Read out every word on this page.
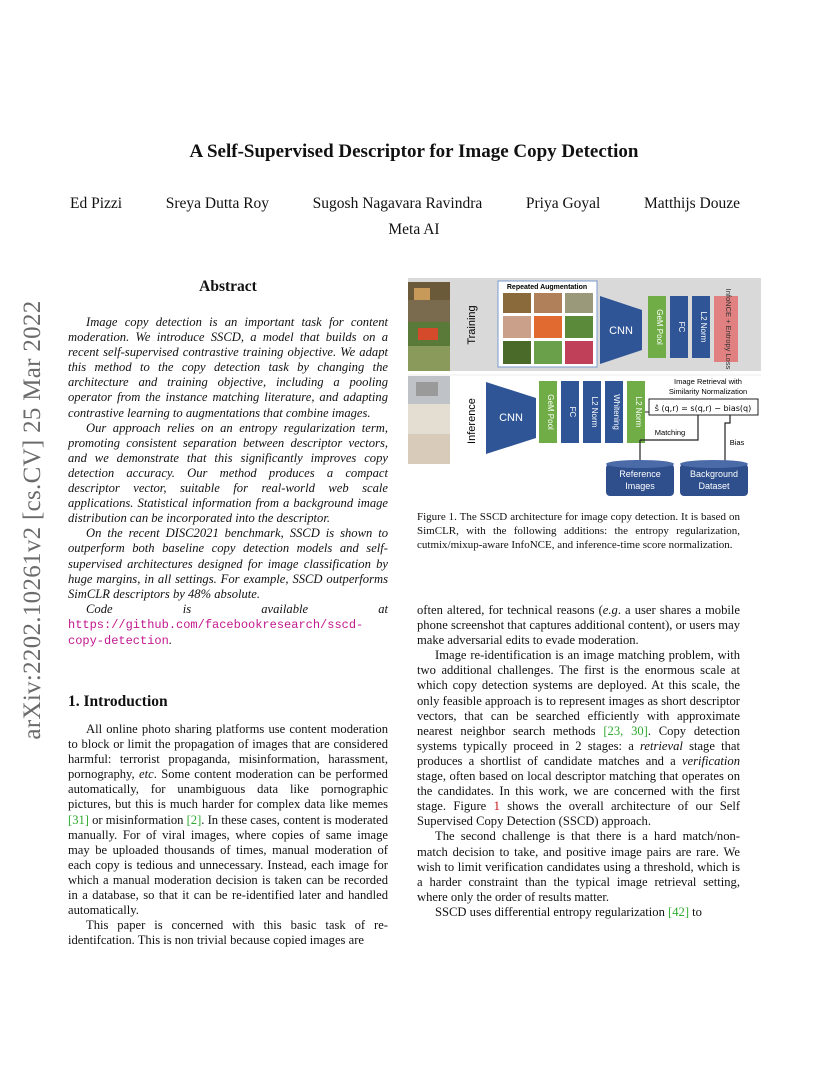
arXiv:2202.10261v2 [cs.CV] 25 Mar 2022
A Self-Supervised Descriptor for Image Copy Detection
Ed Pizzi	Sreya Dutta Roy	Sugosh Nagavara Ravindra	Priya Goyal	Matthijs Douze
Meta AI
Abstract

Image copy detection is an important task for content moderation. We introduce SSCD, a model that builds on a recent self-supervised contrastive training objective. We adapt this method to the copy detection task by changing the architecture and training objective, including a pooling operator from the instance matching literature, and adapting contrastive learning to augmentations that combine images.

Our approach relies on an entropy regularization term, promoting consistent separation between descriptor vectors, and we demonstrate that this significantly improves copy detection accuracy. Our method produces a compact descriptor vector, suitable for real-world web scale applications. Statistical information from a background image distribution can be incorporated into the descriptor.

On the recent DISC2021 benchmark, SSCD is shown to outperform both baseline copy detection models and self-supervised architectures designed for image classification by huge margins, in all settings. For example, SSCD outperforms SimCLR descriptors by 48% absolute.

Code is available at https://github.com/facebookresearch/sscd-copy-detection.

1. Introduction

All online photo sharing platforms use content moderation to block or limit the propagation of images that are considered harmful: terrorist propaganda, misinformation, harassment, pornography, etc. Some content moderation can be performed automatically, for unambiguous data like pornographic pictures, but this is much harder for complex data like memes [31] or misinformation [2]. In these cases, content is moderated manually. For of viral images, where copies of same image may be uploaded thousands of times, manual moderation of each copy is tedious and unnecessary. Instead, each image for which a manual moderation decision is taken can be recorded in a database, so that it can be re-identified later and handled automatically.

This paper is concerned with this basic task of re-identifcation. This is non trivial because copied images are

Training
Repeated Augmentation
CNN	GeM Pool FC L2 Norm InfoNCE + Entropy Loss
Inference CNN	GeM Pool FC L2 Norm Whitening L2 Norm
Image Retrieval with
Similarity Normalization
ŝ (q,r) = s(q,r) − bias(q)
Matching
Bias
Reference
Images
Background
Dataset
Figure 1. The SSCD architecture for image copy detection. It is based on SimCLR, with the following additions: the entropy regularization, cutmix/mixup-aware InfoNCE, and inference-time score normalization.

often altered, for technical reasons (e.g. a user shares a mobile phone screenshot that captures additional content), or users may make adversarial edits to evade moderation.

Image re-identification is an image matching problem, with two additional challenges. The first is the enormous scale at which copy detection systems are deployed. At this scale, the only feasible approach is to represent images as short descriptor vectors, that can be searched efficiently with approximate nearest neighbor search methods [23, 30]. Copy detection systems typically proceed in 2 stages: a retrieval stage that produces a shortlist of candidate matches and a verification stage, often based on local descriptor matching that operates on the candidates. In this work, we are concerned with the first stage. Figure 1 shows the overall architecture of our Self Supervised Copy Detection (SSCD) approach.

The second challenge is that there is a hard match/non-match decision to take, and positive image pairs are rare. We wish to limit verification candidates using a threshold, which is a harder constraint than the typical image retrieval setting, where only the order of results matter.

SSCD uses differential entropy regularization [42] to
